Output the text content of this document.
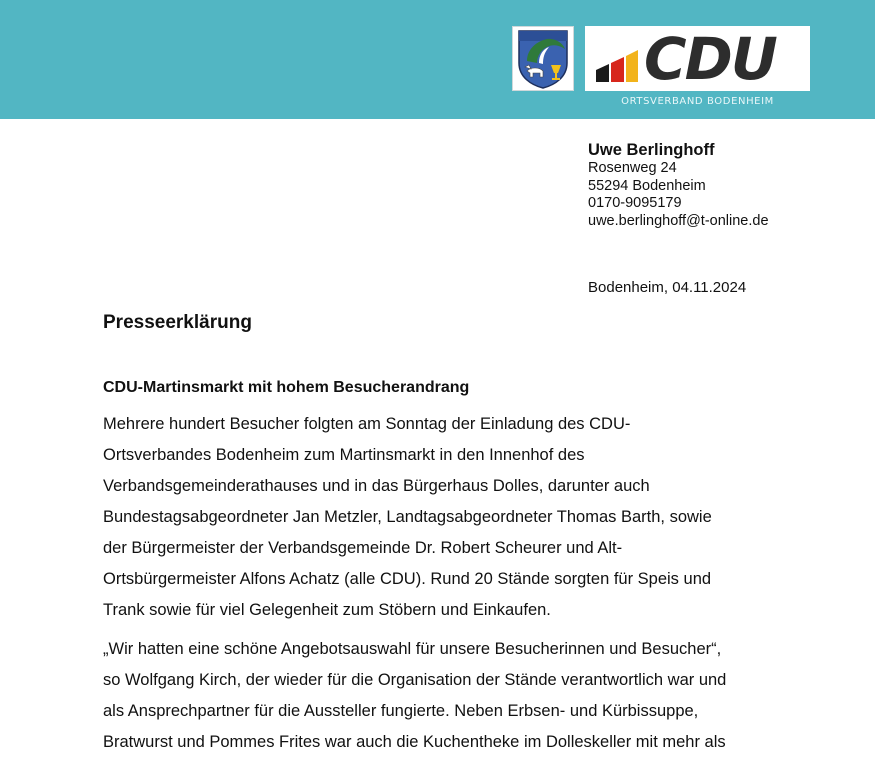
CDU
ORTSVERBAND BODENHEIM
Uwe Berlinghoff
Rosenweg 24
55294 Bodenheim
0170-9095179
uwe.berlinghoff@t-online.de
Bodenheim, 04.11.2024
Presseerklärung
CDU-Martinsmarkt mit hohem Besucherandrang
Mehrere hundert Besucher folgten am Sonntag der Einladung des CDU-
Ortsverbandes Bodenheim zum Martinsmarkt in den Innenhof des
Verbandsgemeinderathauses und in das Bürgerhaus Dolles, darunter auch
Bundestagsabgeordneter Jan Metzler, Landtagsabgeordneter Thomas Barth, sowie
der Bürgermeister der Verbandsgemeinde Dr. Robert Scheurer und Alt-
Ortsbürgermeister Alfons Achatz (alle CDU). Rund 20 Stände sorgten für Speis und
Trank sowie für viel Gelegenheit zum Stöbern und Einkaufen.
„Wir hatten eine schöne Angebotsauswahl für unsere Besucherinnen und Besucher“,
so Wolfgang Kirch, der wieder für die Organisation der Stände verantwortlich war und
als Ansprechpartner für die Aussteller fungierte. Neben Erbsen- und Kürbissuppe,
Bratwurst und Pommes Frites war auch die Kuchentheke im Dolleskeller mit mehr als
